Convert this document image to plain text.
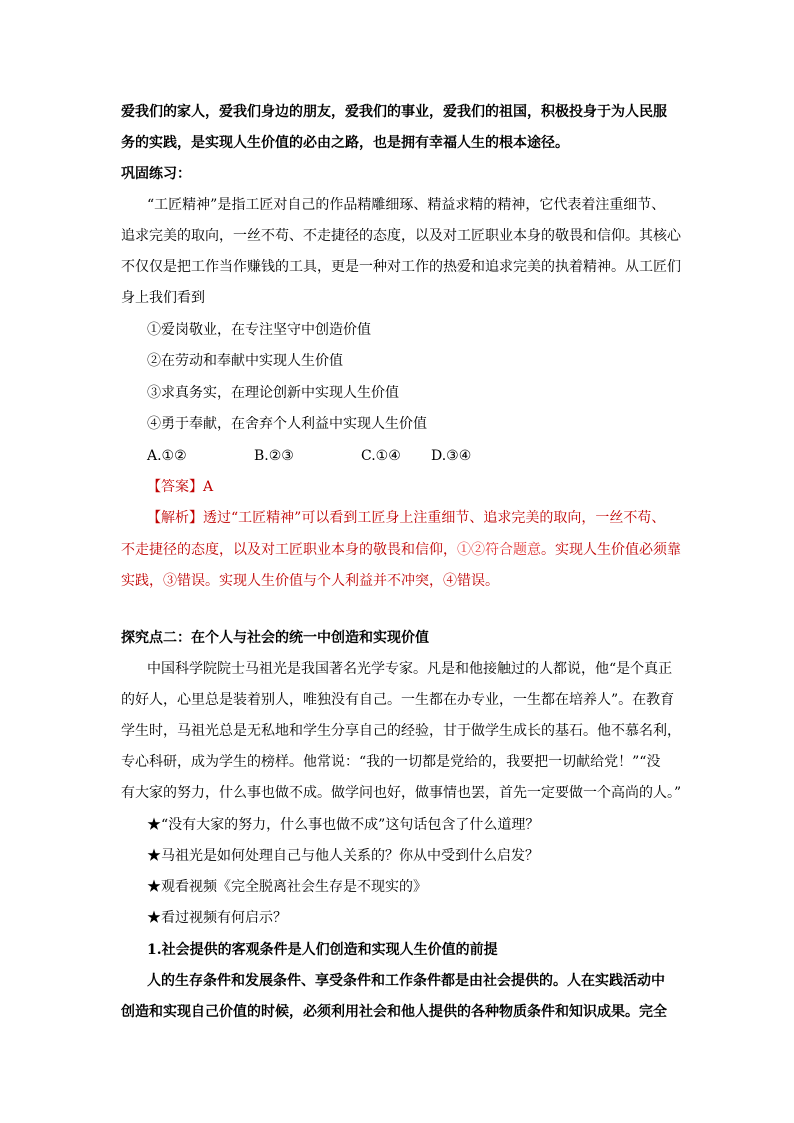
爱我们的家人，爱我们身边的朋友，爱我们的事业，爱我们的祖国，积极投身于为人民服
务的实践，是实现人生价值的必由之路，也是拥有幸福人生的根本途径。
巩固练习：
“工匠精神”是指工匠对自己的作品精雕细琢、精益求精的精神，它代表着注重细节、
追求完美的取向，一丝不苟、不走捷径的态度，以及对工匠职业本身的敬畏和信仰。其核心
不仅仅是把工作当作赚钱的工具，更是一种对工作的热爱和追求完美的执着精神。从工匠们
身上我们看到
①爱岗敬业，在专注坚守中创造价值
②在劳动和奉献中实现人生价值
③求真务实，在理论创新中实现人生价值
④勇于奉献，在舍弃个人利益中实现人生价值
A.①②	B.②③	C.①④ D.③④
【答案】A
【解析】透过“工匠精神”可以看到工匠身上注重细节、追求完美的取向，一丝不苟、
不走捷径的态度，以及对工匠职业本身的敬畏和信仰，①②符合题意。实现人生价值必须靠
实践，③错误。实现人生价值与个人利益并不冲突，④错误。
探究点二：在个人与社会的统一中创造和实现价值
中国科学院院士马祖光是我国著名光学专家。凡是和他接触过的人都说，他“是个真正
的好人，心里总是装着别人，唯独没有自己。一生都在办专业，一生都在培养人”。在教育
学生时，马祖光总是无私地和学生分享自己的经验，甘于做学生成长的基石。他不慕名利，
专心科研，成为学生的榜样。他常说：“我的一切都是党给的，我要把一切献给党！”“没
有大家的努力，什么事也做不成。做学问也好，做事情也罢，首先一定要做一个高尚的人。”
★“没有大家的努力，什么事也做不成”这句话包含了什么道理？
★马祖光是如何处理自己与他人关系的？你从中受到什么启发？
★观看视频《完全脱离社会生存是不现实的》
★看过视频有何启示？
1.社会提供的客观条件是人们创造和实现人生价值的前提
人的生存条件和发展条件、享受条件和工作条件都是由社会提供的。人在实践活动中
创造和实现自己价值的时候，必须利用社会和他人提供的各种物质条件和知识成果。完全
